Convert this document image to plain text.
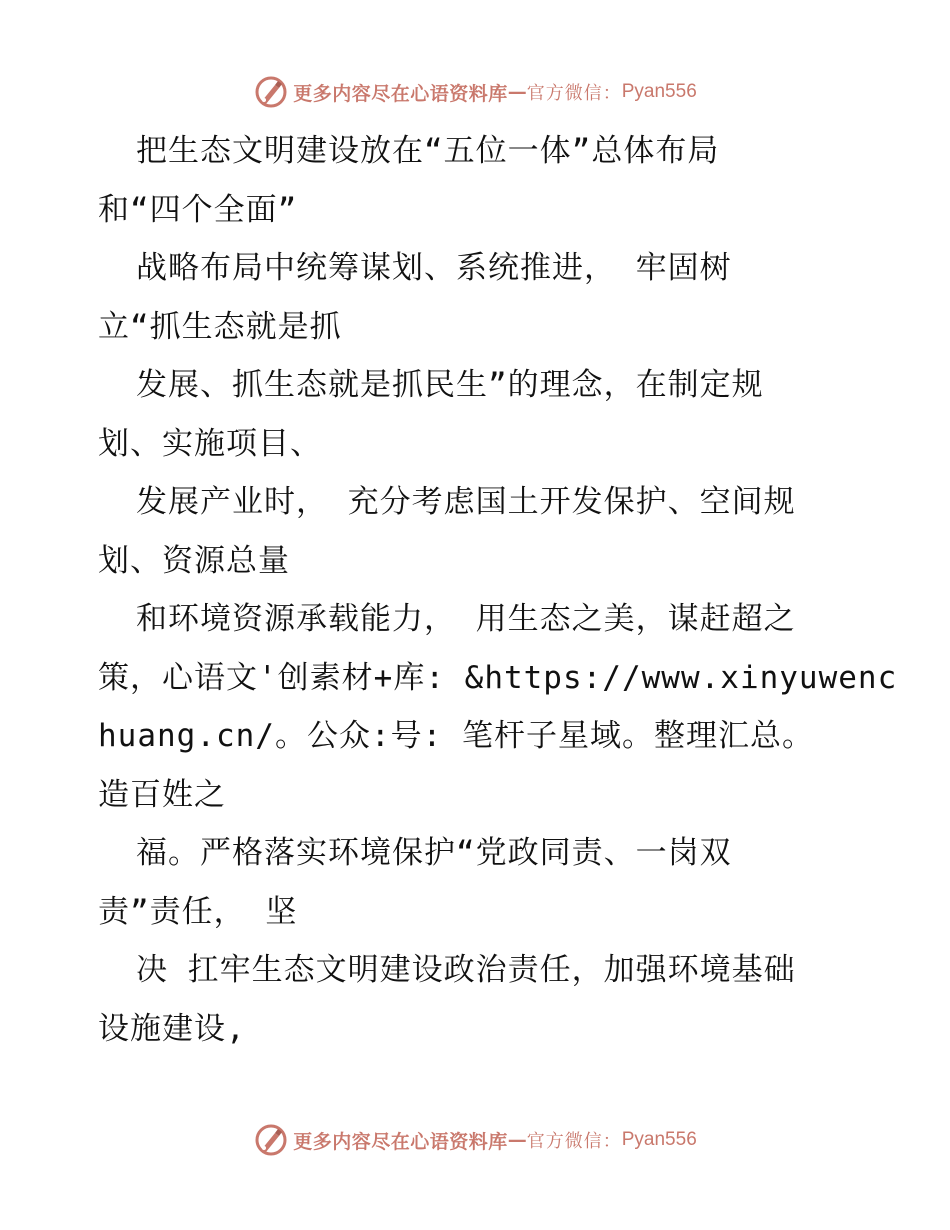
更多内容尽在心语资料库 — 官方微信： Pyan556
把生态文明建设放在“五位一体”总体布局
和“四个全面”
战略布局中统筹谋划、系统推进， 牢固树
立“抓生态就是抓
发展、抓生态就是抓民生”的理念，在制定规
划、实施项目、
发展产业时， 充分考虑国土开发保护、空间规
划、资源总量
和环境资源承载能力， 用生态之美，谋赶超之
策，心语文'创素材+库: &https://www.xinyuwenc
huang.cn/。公众:号: 笔杆子星域。整理汇总。
造百姓之
福。严格落实环境保护“党政同责、一岗双
责”责任， 坚
决 扛牢生态文明建设政治责任，加强环境基础
设施建设,
更多内容尽在心语资料库 — 官方微信： Pyan556
